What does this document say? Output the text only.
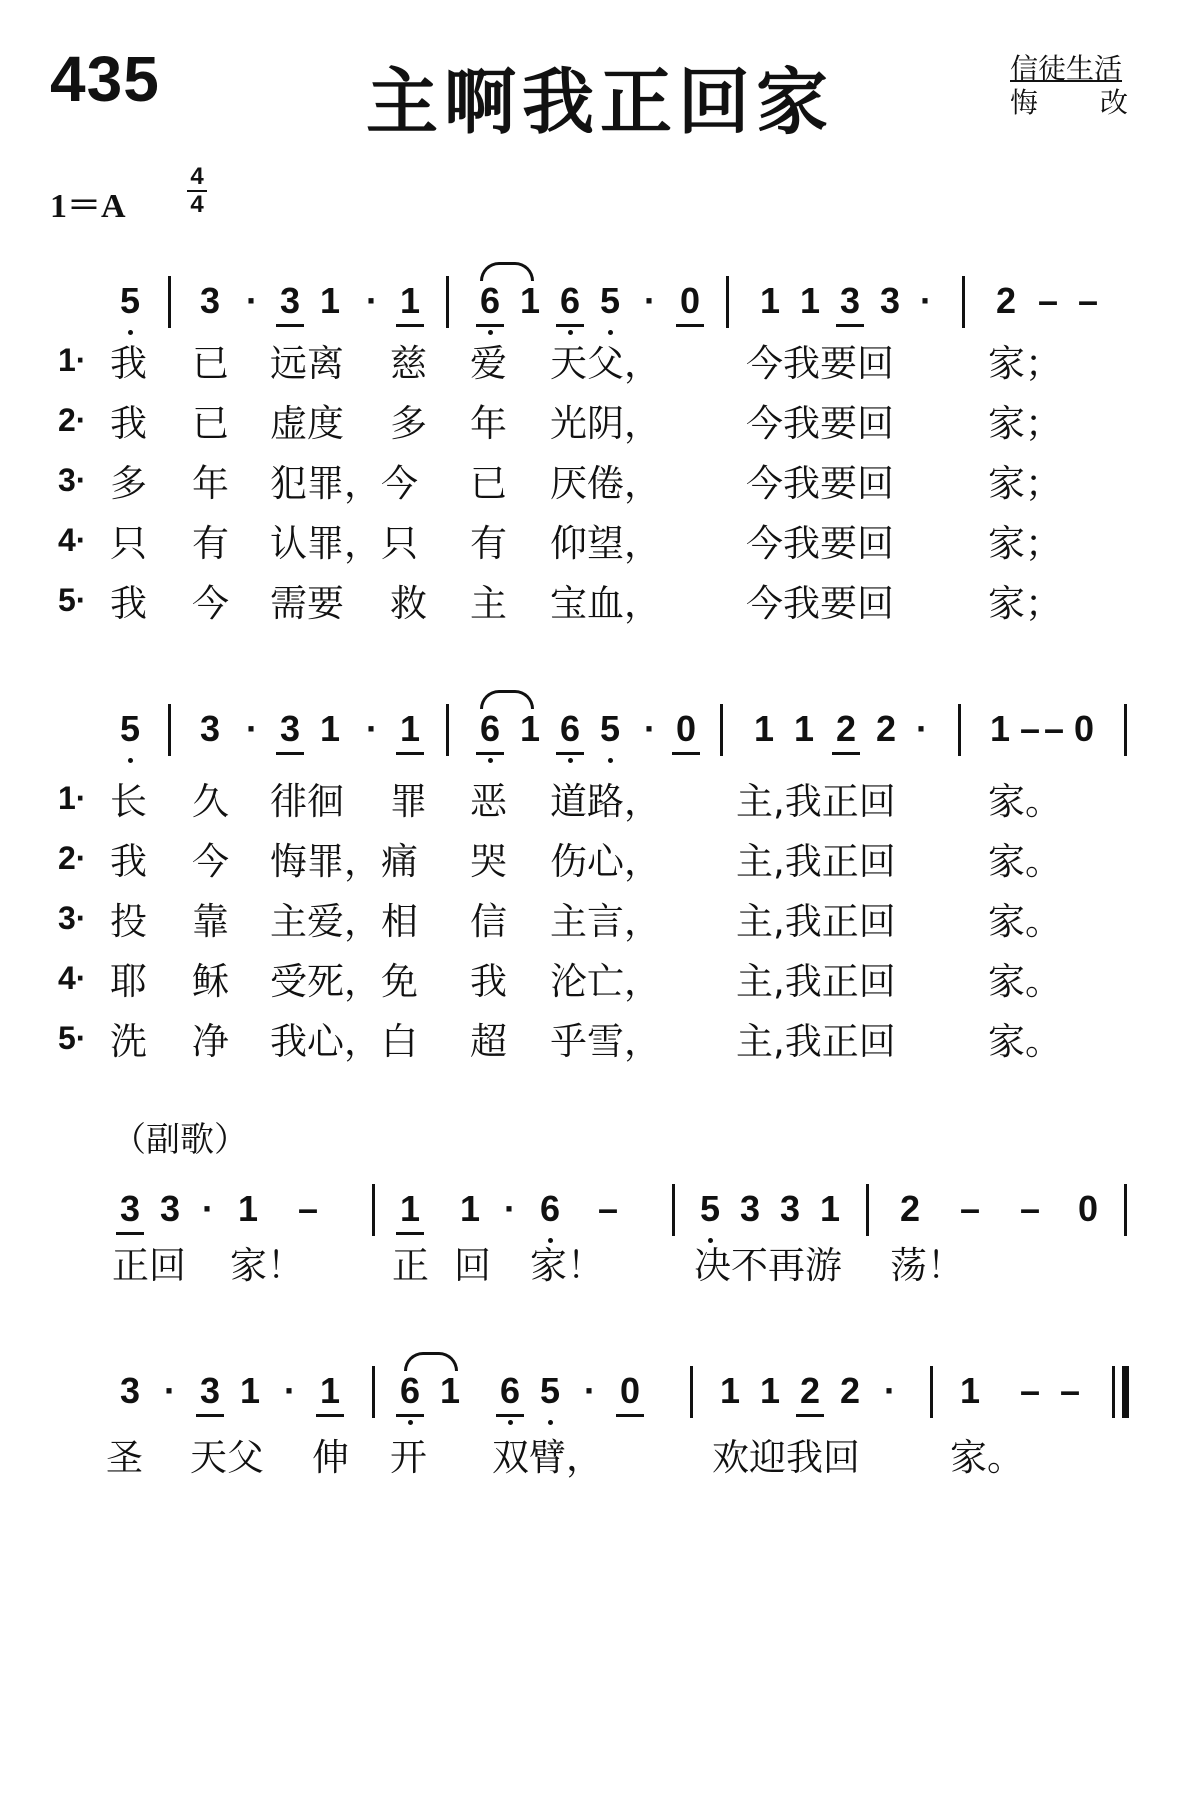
435	主啊我正回家	信徒生活
悔改
1＝A
4
4
5 3 · 3 1 · 1 6 1 6 5 · 0 1 1 3 3 · 2 – –
1· 我 已 远离 慈 爱 天父， 今我要回	家；
2· 我 已 虚度 多 年 光阴， 今我要回	家；
3· 多 年 犯罪，今 已 厌倦， 今我要回	家；
4· 只 有 认罪，只 有 仰望， 今我要回	家；
5· 我 今 需要 救 主 宝血， 今我要回	家；
5 3 · 3 1 · 1 6 1 6 5 · 0 1 1 2 2 · 1 – – 0
1· 长 久 徘徊 罪 恶 道路， 主,我正回 家。
2· 我 今 悔罪，痛 哭 伤心， 主,我正回 家。
3· 投 靠 主爱，相 信 主言， 主,我正回 家。
4· 耶 稣 受死，免 我 沦亡， 主,我正回 家。
5· 洗 净 我心，白 超 乎雪， 主,我正回 家。
（副歌）
3 3 · 1 – 1 1 · 6 – 5 3 3 1 2 – – 0
正回 家！ 正 回 家！ 决不再游 荡！
3 · 3 1 · 1 6 1 6 5 · 0 1 1 2 2 · 1 – –
圣 天父 伸 开 双臂，	欢迎我回 家。
